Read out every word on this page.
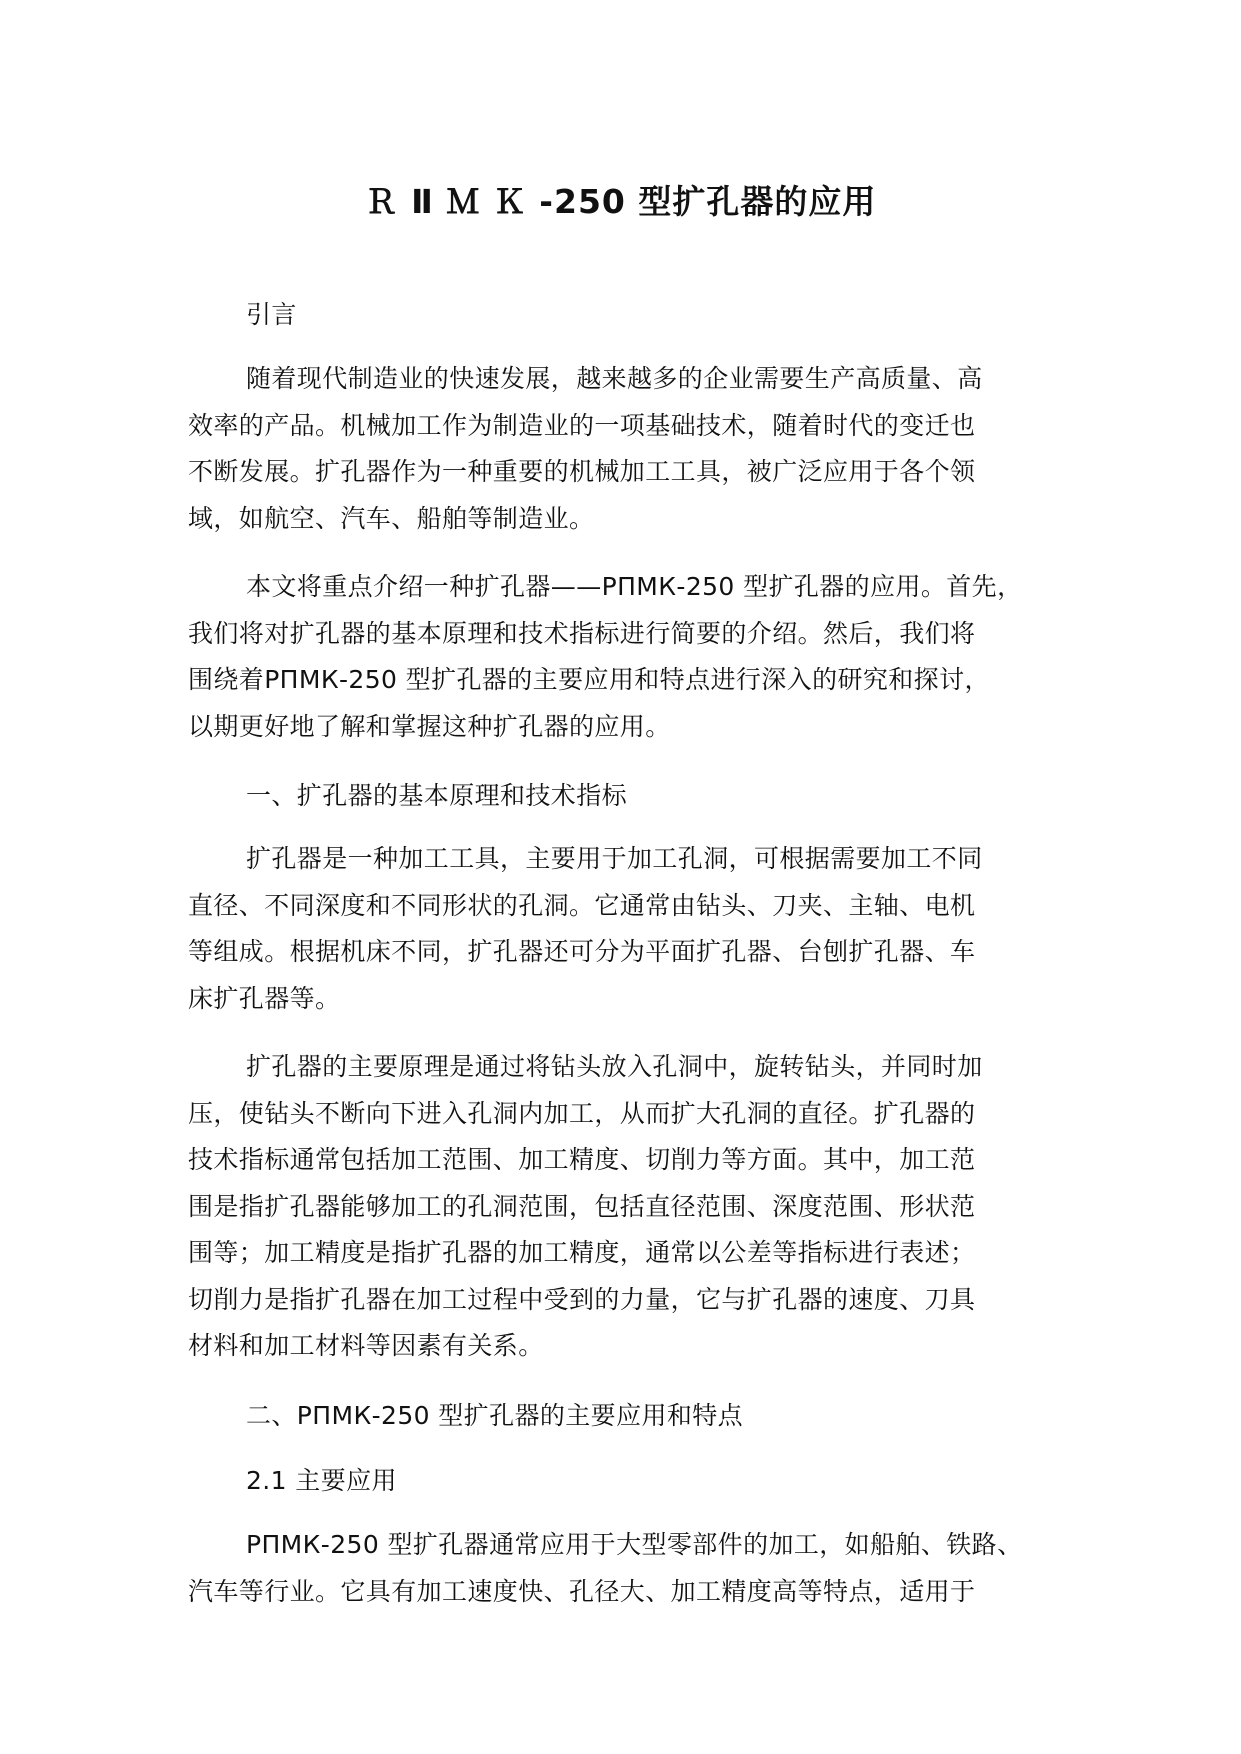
Ｒ Ⅱ Ｍ Ｋ -250 型扩孔器的应用
引言
随着现代制造业的快速发展，越来越多的企业需要生产高质量、高
效率的产品。机械加工作为制造业的一项基础技术，随着时代的变迁也
不断发展。扩孔器作为一种重要的机械加工工具，被广泛应用于各个领
域，如航空、汽车、船舶等制造业。
本文将重点介绍一种扩孔器——РПМК-250 型扩孔器的应用。首先，
我们将对扩孔器的基本原理和技术指标进行简要的介绍。然后，我们将
围绕着РПМК-250 型扩孔器的主要应用和特点进行深入的研究和探讨，
以期更好地了解和掌握这种扩孔器的应用。
一、扩孔器的基本原理和技术指标
扩孔器是一种加工工具，主要用于加工孔洞，可根据需要加工不同
直径、不同深度和不同形状的孔洞。它通常由钻头、刀夹、主轴、电机
等组成。根据机床不同，扩孔器还可分为平面扩孔器、台刨扩孔器、车
床扩孔器等。
扩孔器的主要原理是通过将钻头放入孔洞中，旋转钻头，并同时加
压，使钻头不断向下进入孔洞内加工，从而扩大孔洞的直径。扩孔器的
技术指标通常包括加工范围、加工精度、切削力等方面。其中，加工范
围是指扩孔器能够加工的孔洞范围，包括直径范围、深度范围、形状范
围等；加工精度是指扩孔器的加工精度，通常以公差等指标进行表述；
切削力是指扩孔器在加工过程中受到的力量，它与扩孔器的速度、刀具
材料和加工材料等因素有关系。
二、РПМК-250 型扩孔器的主要应用和特点
2.1 主要应用
РПМК-250 型扩孔器通常应用于大型零部件的加工，如船舶、铁路、
汽车等行业。它具有加工速度快、孔径大、加工精度高等特点，适用于
